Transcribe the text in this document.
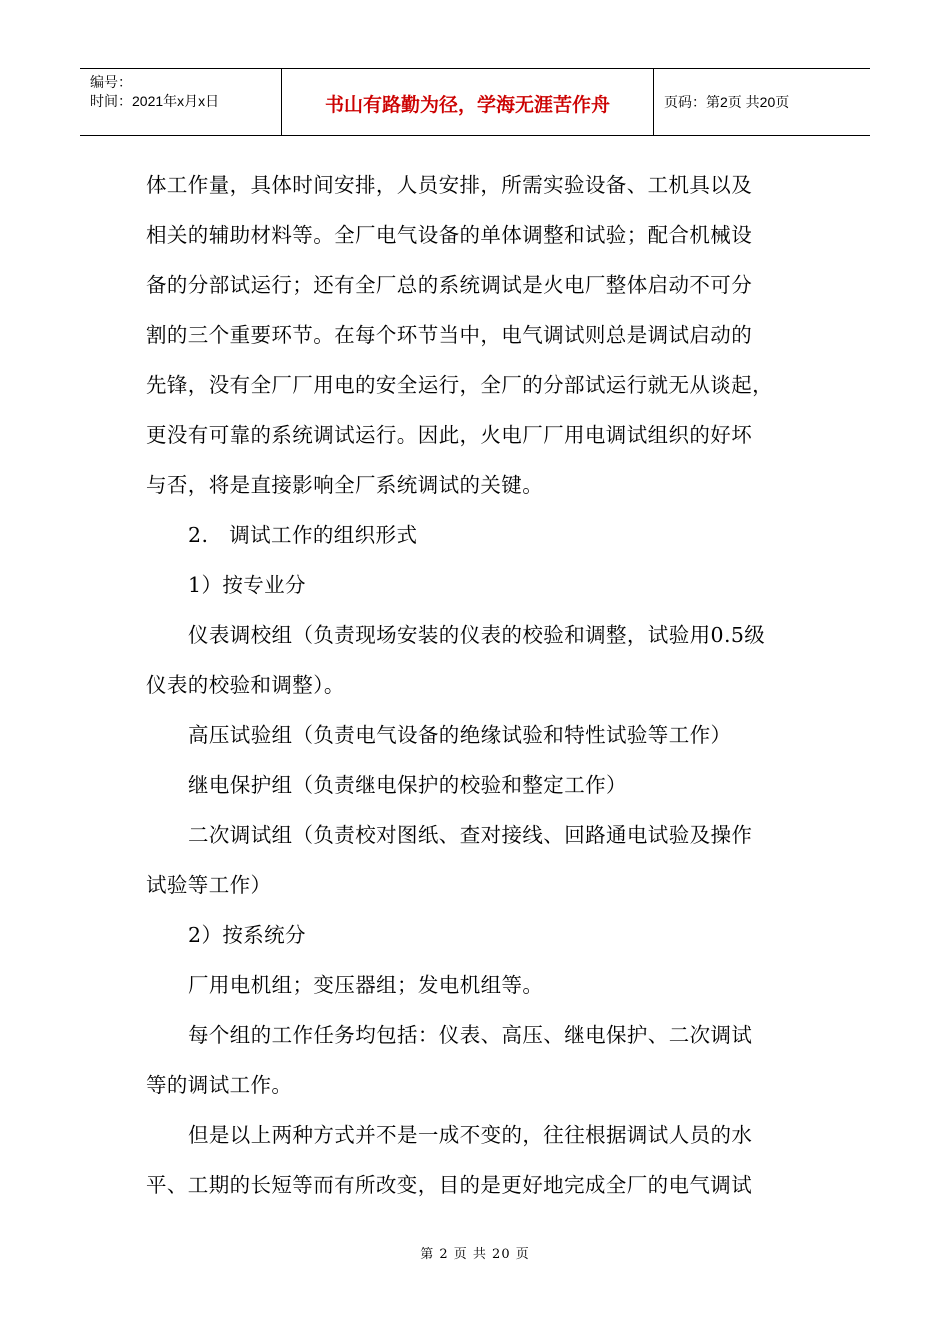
编号：
时间：2021年x月x日	书山有路勤为径，学海无涯苦作舟	页码：第2页 共20页
体工作量，具体时间安排，人员安排，所需实验设备、工机具以及
相关的辅助材料等。全厂电气设备的单体调整和试验；配合机械设
备的分部试运行；还有全厂总的系统调试是火电厂整体启动不可分
割的三个重要环节。在每个环节当中，电气调试则总是调试启动的
先锋，没有全厂厂用电的安全运行，全厂的分部试运行就无从谈起，
更没有可靠的系统调试运行。因此，火电厂厂用电调试组织的好坏
与否，将是直接影响全厂系统调试的关键。
2.　调试工作的组织形式
1）按专业分
仪表调校组（负责现场安装的仪表的校验和调整，试验用0.5级
仪表的校验和调整）。
高压试验组（负责电气设备的绝缘试验和特性试验等工作）
继电保护组（负责继电保护的校验和整定工作）
二次调试组（负责校对图纸、查对接线、回路通电试验及操作
试验等工作）
2）按系统分
厂用电机组；变压器组；发电机组等。
每个组的工作任务均包括：仪表、高压、继电保护、二次调试
等的调试工作。
但是以上两种方式并不是一成不变的，往往根据调试人员的水
平、工期的长短等而有所改变，目的是更好地完成全厂的电气调试
第 2 页 共 20 页
